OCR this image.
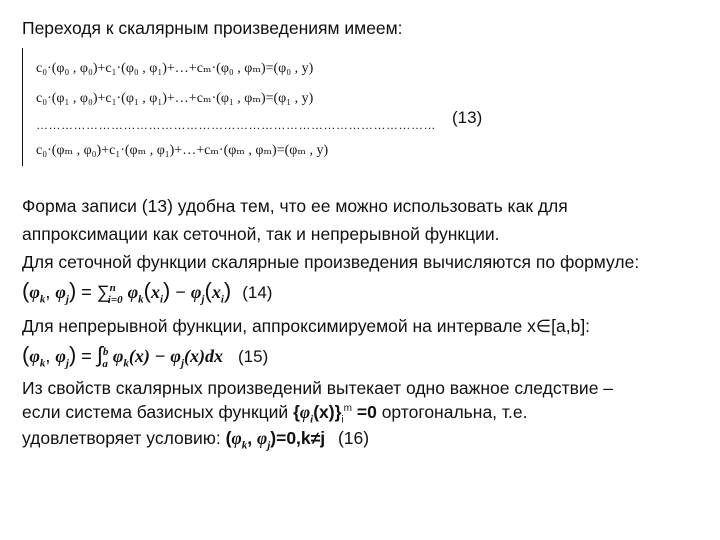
Переходя к скалярным произведениям имеем:
c₀·(φ₀ , φ₀)+c₁·(φ₀ , φ₁)+…+cₘ·(φ₀ , φₘ)=(φ₀ , y)
c₀·(φ₁ , φ₀)+c₁·(φ₁ , φ₁)+…+cₘ·(φ₁ , φₘ)=(φ₁ , y)
……………………………………………………………………………………
c₀·(φₘ , φ₀)+c₁·(φₘ , φ₁)+…+cₘ·(φₘ , φₘ)=(φₘ , y)
(13)
Форма записи (13) удобна тем, что ее можно использовать как для
аппроксимации как сеточной, так и непрерывной функции.
Для сеточной функции скалярные произведения вычисляются по формуле:
($\varphi_k$, $\varphi_j) = \sum^n_{i=0}$ $\varphi_k(x_i) - \varphi_j(x_i)$ (14)
Для непрерывной функции, аппроксимируемой на интервале x∈[a,b]:
($\varphi_k$, $\varphi_j) = \int^b_a$ $\varphi_k(x) - \varphi_j(x)dx$ (15)
Из свойств скалярных произведений вытекает одно важное следствие –
если система базисных функций $\{\varphi_i(x)\}_i^m =0$ ортогональна, т.е.
удовлетворяет условию: ($\varphi_k$, $\varphi_j)=0,k\ne j$ (16)
